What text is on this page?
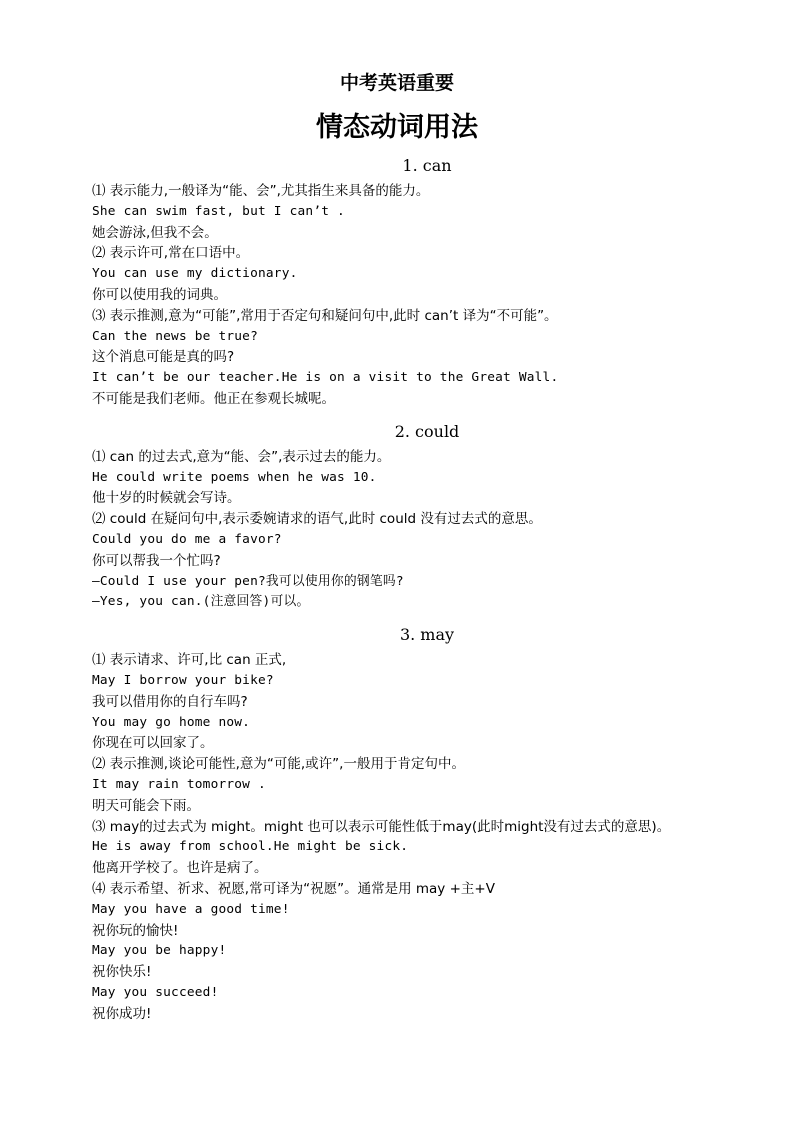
中考英语重要
情态动词用法
1. can
⑴ 表示能力,一般译为“能、会”,尤其指生来具备的能力。
She can swim fast, but I can’t .
她会游泳,但我不会。
⑵ 表示许可,常在口语中。
You can use my dictionary.
你可以使用我的词典。
⑶ 表示推测,意为“可能”,常用于否定句和疑问句中,此时 can’t 译为“不可能”。
Can the news be true?
这个消息可能是真的吗?
It can’t be our teacher.He is on a visit to the Great Wall.
不可能是我们老师。他正在参观长城呢。
2. could
⑴ can 的过去式,意为“能、会”,表示过去的能力。
He could write poems when he was 10.
他十岁的时候就会写诗。
⑵ could 在疑问句中,表示委婉请求的语气,此时 could 没有过去式的意思。
Could you do me a favor?
你可以帮我一个忙吗?
—Could I use your pen?我可以使用你的钢笔吗?
—Yes, you can.(注意回答)可以。
3. may
⑴ 表示请求、许可,比 can 正式,
May I borrow your bike?
我可以借用你的自行车吗?
You may go home now.
你现在可以回家了。
⑵ 表示推测,谈论可能性,意为“可能,或许”,一般用于肯定句中。
It may rain tomorrow .
明天可能会下雨。
⑶ may的过去式为 might。might 也可以表示可能性低于may(此时might没有过去式的意思)。
He is away from school.He might be sick.
他离开学校了。也许是病了。
⑷ 表示希望、祈求、祝愿,常可译为“祝愿”。通常是用 may +主+V
May you have a good time!
祝你玩的愉快!
May you be happy!
祝你快乐!
May you succeed!
祝你成功!
